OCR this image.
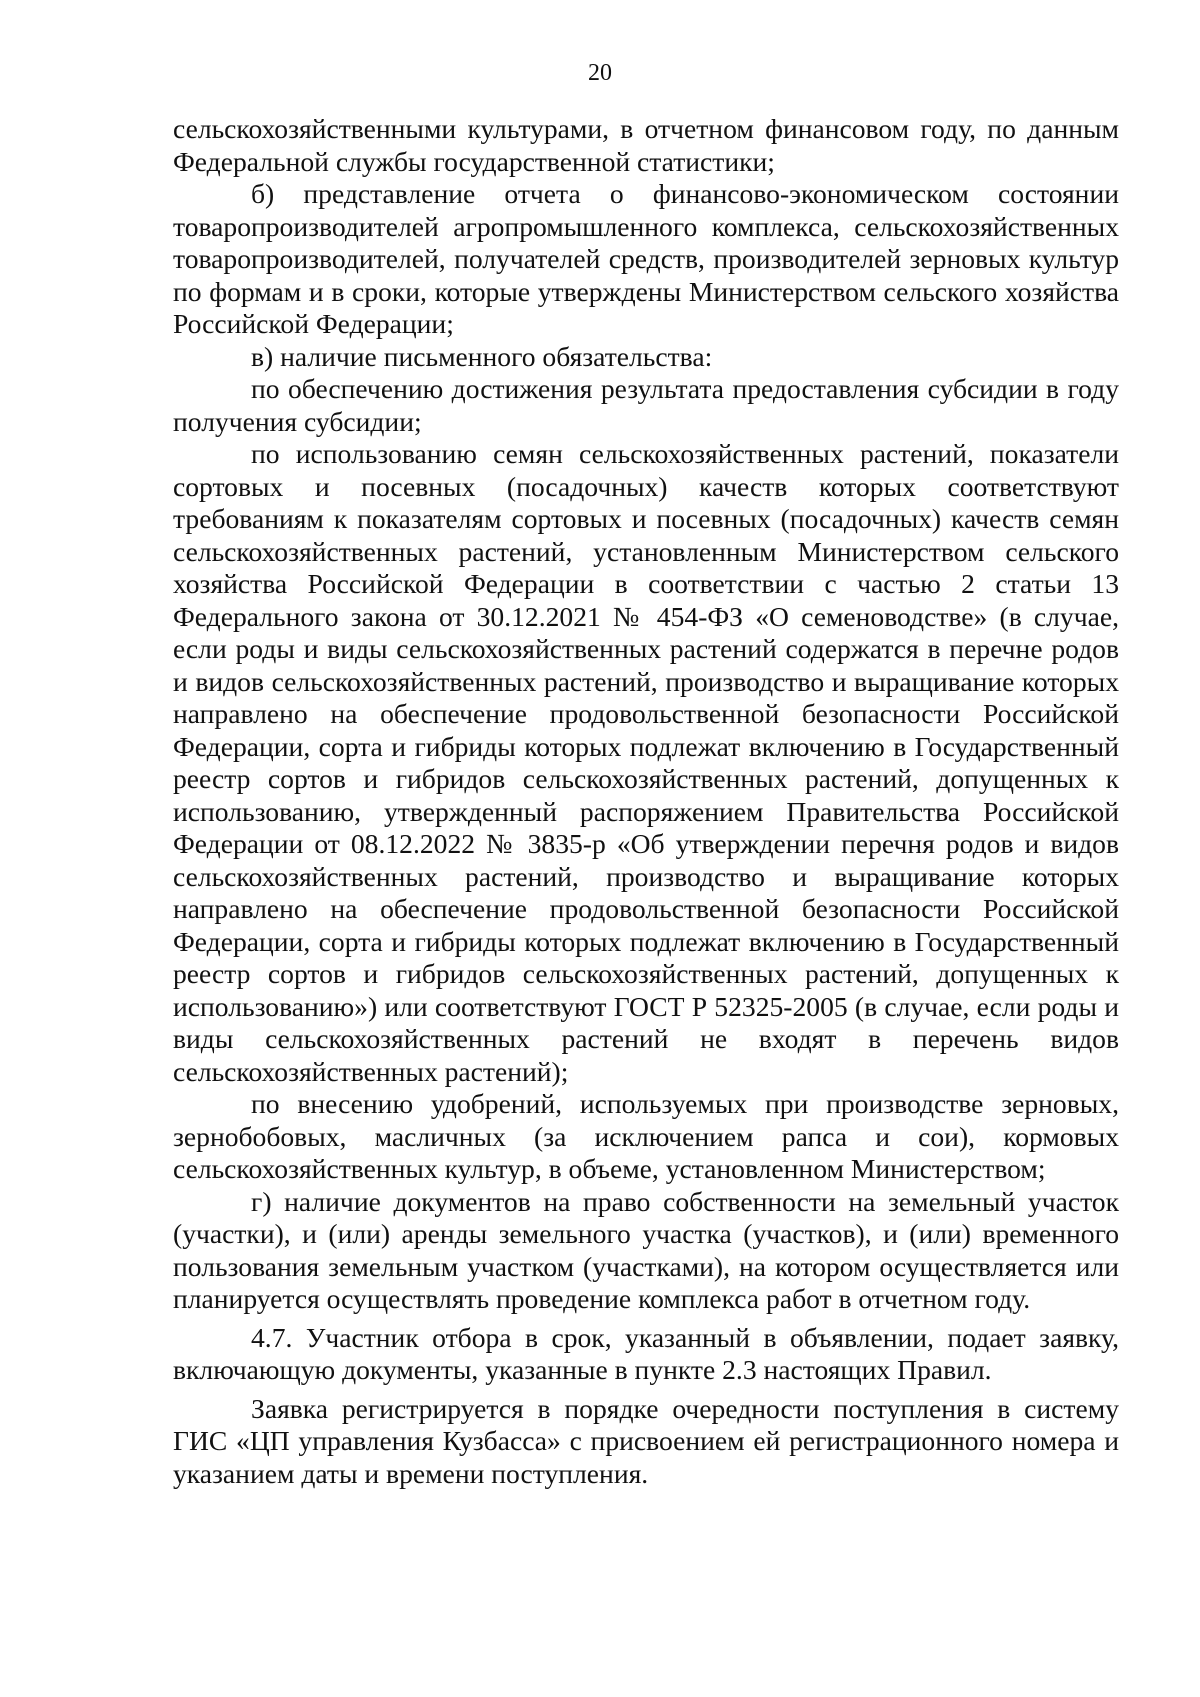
20

сельскохозяйственными культурами, в отчетном финансовом году, по данным Федеральной службы государственной статистики;

б) представление отчета о финансово-экономическом состоянии товаропроизводителей агропромышленного комплекса, сельскохозяйственных товаропроизводителей, получателей средств, производителей зерновых культур по формам и в сроки, которые утверждены Министерством сельского хозяйства Российской Федерации;

в) наличие письменного обязательства:

по обеспечению достижения результата предоставления субсидии в году получения субсидии;

по использованию семян сельскохозяйственных растений, показатели сортовых и посевных (посадочных) качеств которых соответствуют требованиям к показателям сортовых и посевных (посадочных) качеств семян сельскохозяйственных растений, установленным Министерством сельского хозяйства Российской Федерации в соответствии с частью 2 статьи 13 Федерального закона от 30.12.2021 № 454-ФЗ «О семеноводстве» (в случае, если роды и виды сельскохозяйственных растений содержатся в перечне родов и видов сельскохозяйственных растений, производство и выращивание которых направлено на обеспечение продовольственной безопасности Российской Федерации, сорта и гибриды которых подлежат включению в Государственный реестр сортов и гибридов сельскохозяйственных растений, допущенных к использованию, утвержденный распоряжением Правительства Российской Федерации от 08.12.2022 № 3835-р «Об утверждении перечня родов и видов сельскохозяйственных растений, производство и выращивание которых направлено на обеспечение продовольственной безопасности Российской Федерации, сорта и гибриды которых подлежат включению в Государственный реестр сортов и гибридов сельскохозяйственных растений, допущенных к использованию») или соответствуют ГОСТ Р 52325-2005 (в случае, если роды и виды сельскохозяйственных растений не входят в перечень видов сельскохозяйственных растений);

по внесению удобрений, используемых при производстве зерновых, зернобобовых, масличных (за исключением рапса и сои), кормовых сельскохозяйственных культур, в объеме, установленном Министерством;

г) наличие документов на право собственности на земельный участок (участки), и (или) аренды земельного участка (участков), и (или) временного пользования земельным участком (участками), на котором осуществляется или планируется осуществлять проведение комплекса работ в отчетном году.

4.7. Участник отбора в срок, указанный в объявлении, подает заявку, включающую документы, указанные в пункте 2.3 настоящих Правил.

Заявка регистрируется в порядке очередности поступления в систему ГИС «ЦП управления Кузбасса» с присвоением ей регистрационного номера и указанием даты и времени поступления.
